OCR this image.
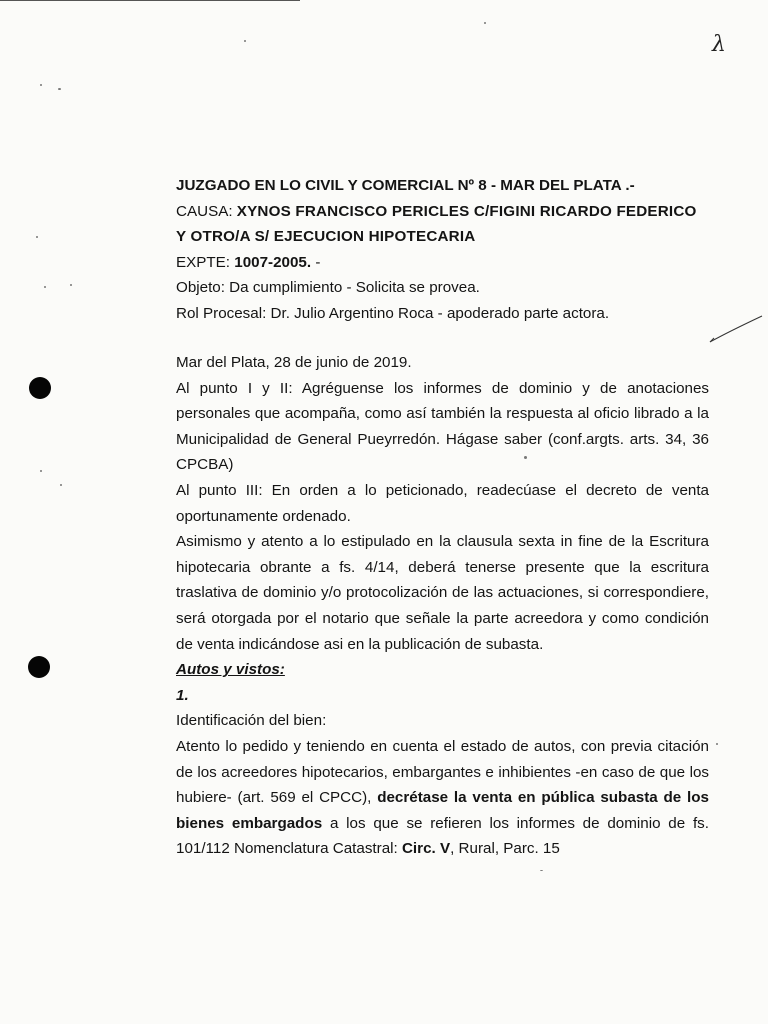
λ
JUZGADO EN LO CIVIL Y COMERCIAL Nº 8 - MAR DEL PLATA .-
CAUSA: XYNOS FRANCISCO PERICLES C/FIGINI RICARDO FEDERICO
Y OTRO/A S/ EJECUCION HIPOTECARIA
EXPTE: 1007-2005. -
Objeto: Da cumplimiento - Solicita se provea.
Rol Procesal: Dr. Julio Argentino Roca - apoderado parte actora.

Mar del Plata, 28 de junio de 2019.

Al punto I y II: Agréguense los informes de dominio y de anotaciones personales que acompaña, como así también la respuesta al oficio librado a la Municipalidad de General Pueyrredón. Hágase saber (conf.argts. arts. 34, 36 CPCBA)

Al punto III: En orden a lo peticionado, readecúase el decreto de venta oportunamente ordenado.

Asimismo y atento a lo estipulado en la clausula sexta in fine de la Escritura hipotecaria obrante a fs. 4/14, deberá tenerse presente que la escritura traslativa de dominio y/o protocolización de las actuaciones, si correspondiere, será otorgada por el notario que señale la parte acreedora y como condición de venta indicándose asi en la publicación de subasta.

Autos y vistos:

1.

Identificación del bien:

Atento lo pedido y teniendo en cuenta el estado de autos, con previa citación de los acreedores hipotecarios, embargantes e inhibientes -en caso de que los hubiere- (art. 569 el CPCC), decrétase la venta en pública subasta de los bienes embargados a los que se refieren los informes de dominio de fs. 101/112 Nomenclatura Catastral: Circ. V, Rural, Parc. 15
